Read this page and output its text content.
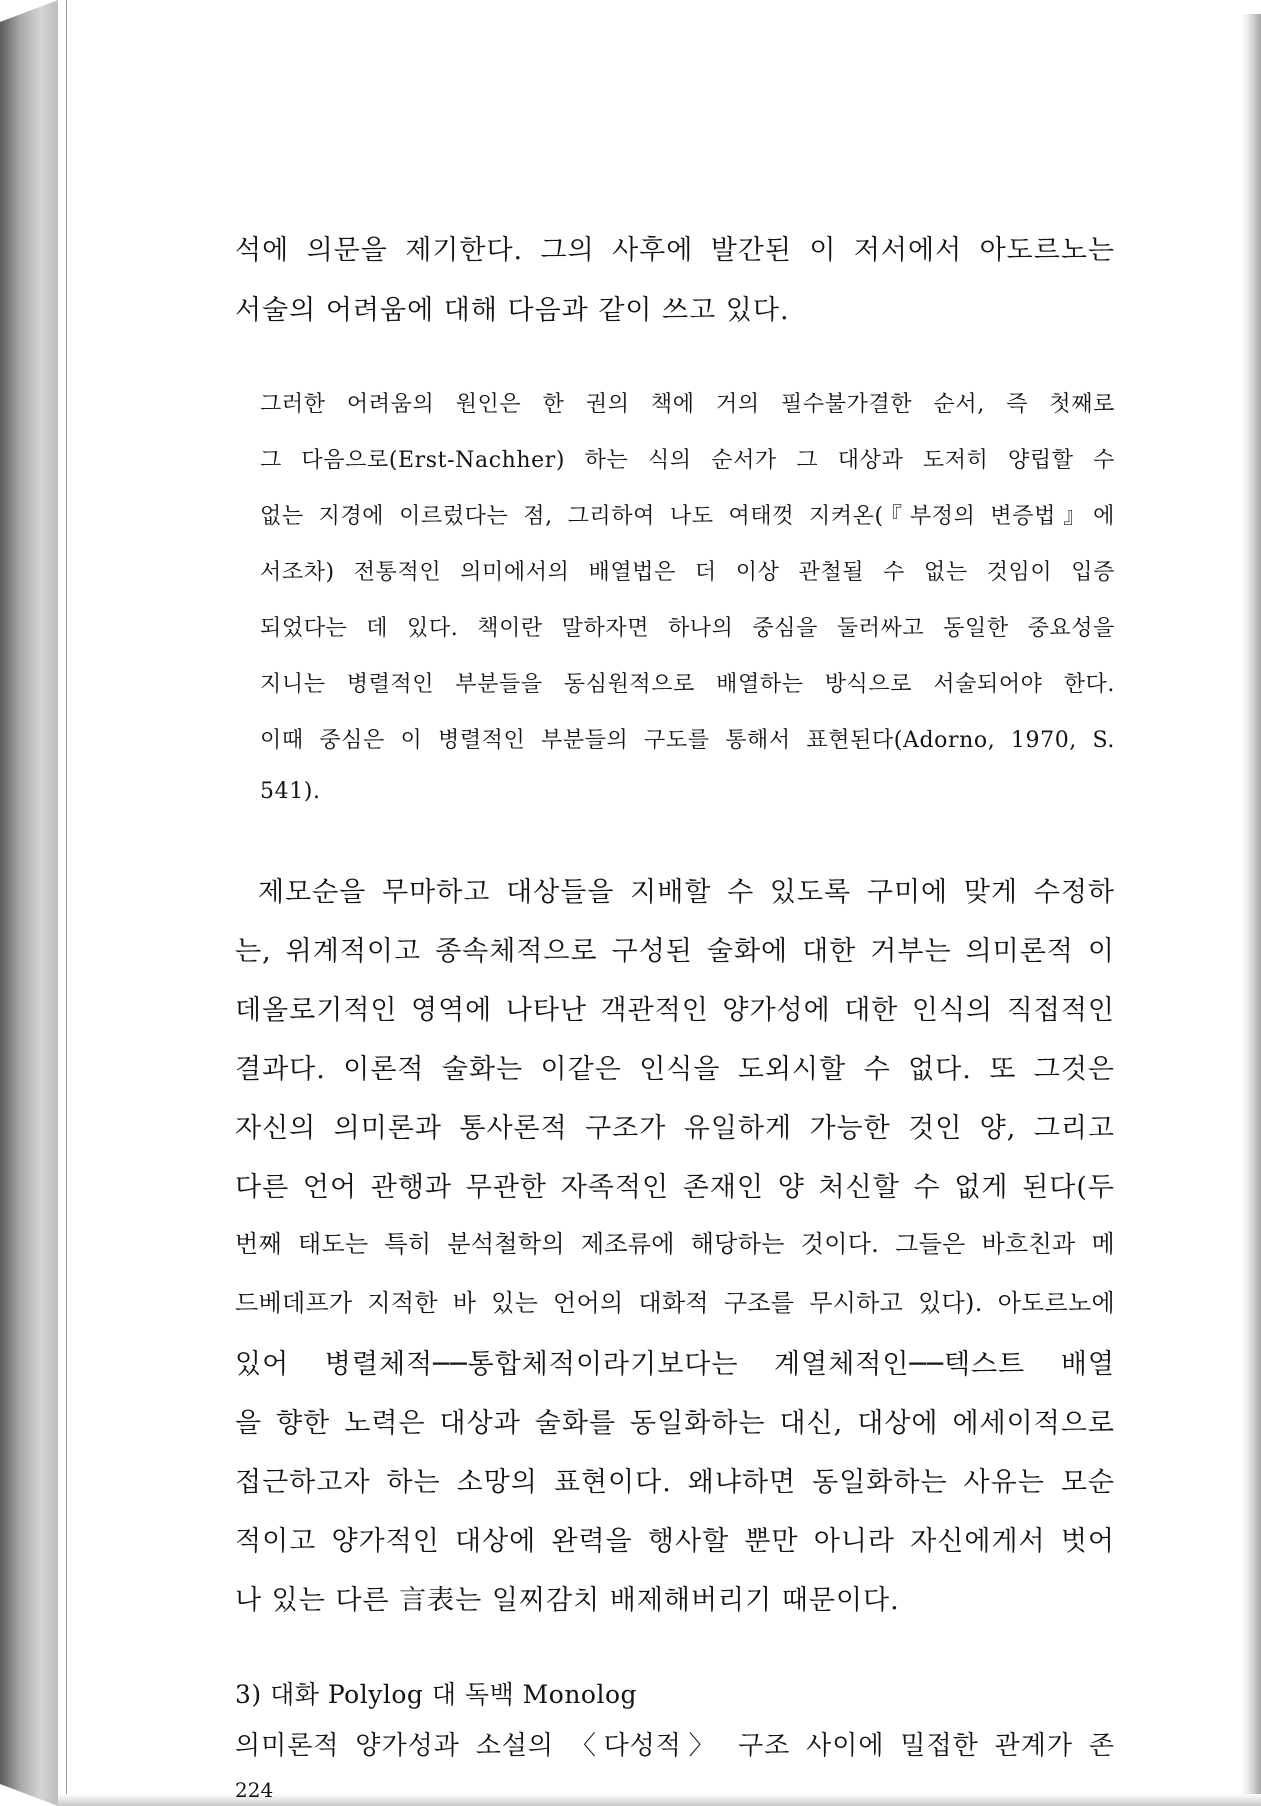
석에 의문을 제기한다. 그의 사후에 발간된 이 저서에서 아도르노는
서술의 어려움에 대해 다음과 같이 쓰고 있다.
그러한 어려움의 원인은 한 권의 책에 거의 필수불가결한 순서, 즉 첫째로
그 다음으로(Erst-Nachher) 하는 식의 순서가 그 대상과 도저히 양립할 수
없는 지경에 이르렀다는 점, 그리하여 나도 여태껏 지켜온(『부정의 변증법』에
서조차) 전통적인 의미에서의 배열법은 더 이상 관철될 수 없는 것임이 입증
되었다는 데 있다. 책이란 말하자면 하나의 중심을 둘러싸고 동일한 중요성을
지니는 병렬적인 부분들을 동심원적으로 배열하는 방식으로 서술되어야 한다.
이때 중심은 이 병렬적인 부분들의 구도를 통해서 표현된다(Adorno, 1970, S.
541).
제모순을 무마하고 대상들을 지배할 수 있도록 구미에 맞게 수정하
는, 위계적이고 종속체적으로 구성된 술화에 대한 거부는 의미론적 이
데올로기적인 영역에 나타난 객관적인 양가성에 대한 인식의 직접적인
결과다. 이론적 술화는 이같은 인식을 도외시할 수 없다. 또 그것은
자신의 의미론과 통사론적 구조가 유일하게 가능한 것인 양, 그리고
다른 언어 관행과 무관한 자족적인 존재인 양 처신할 수 없게 된다(두
번째 태도는 특히 분석철학의 제조류에 해당하는 것이다. 그들은 바흐친과 메
드베데프가 지적한 바 있는 언어의 대화적 구조를 무시하고 있다). 아도르노에
있어 병렬체적──통합체적이라기보다는 계열체적인──텍스트 배열
을 향한 노력은 대상과 술화를 동일화하는 대신, 대상에 에세이적으로
접근하고자 하는 소망의 표현이다. 왜냐하면 동일화하는 사유는 모순
적이고 양가적인 대상에 완력을 행사할 뿐만 아니라 자신에게서 벗어
나 있는 다른 言表는 일찌감치 배제해버리기 때문이다.
3) 대화 Polylog 대 독백 Monolog
의미론적 양가성과 소설의 〈다성적〉 구조 사이에 밀접한 관계가 존
224
